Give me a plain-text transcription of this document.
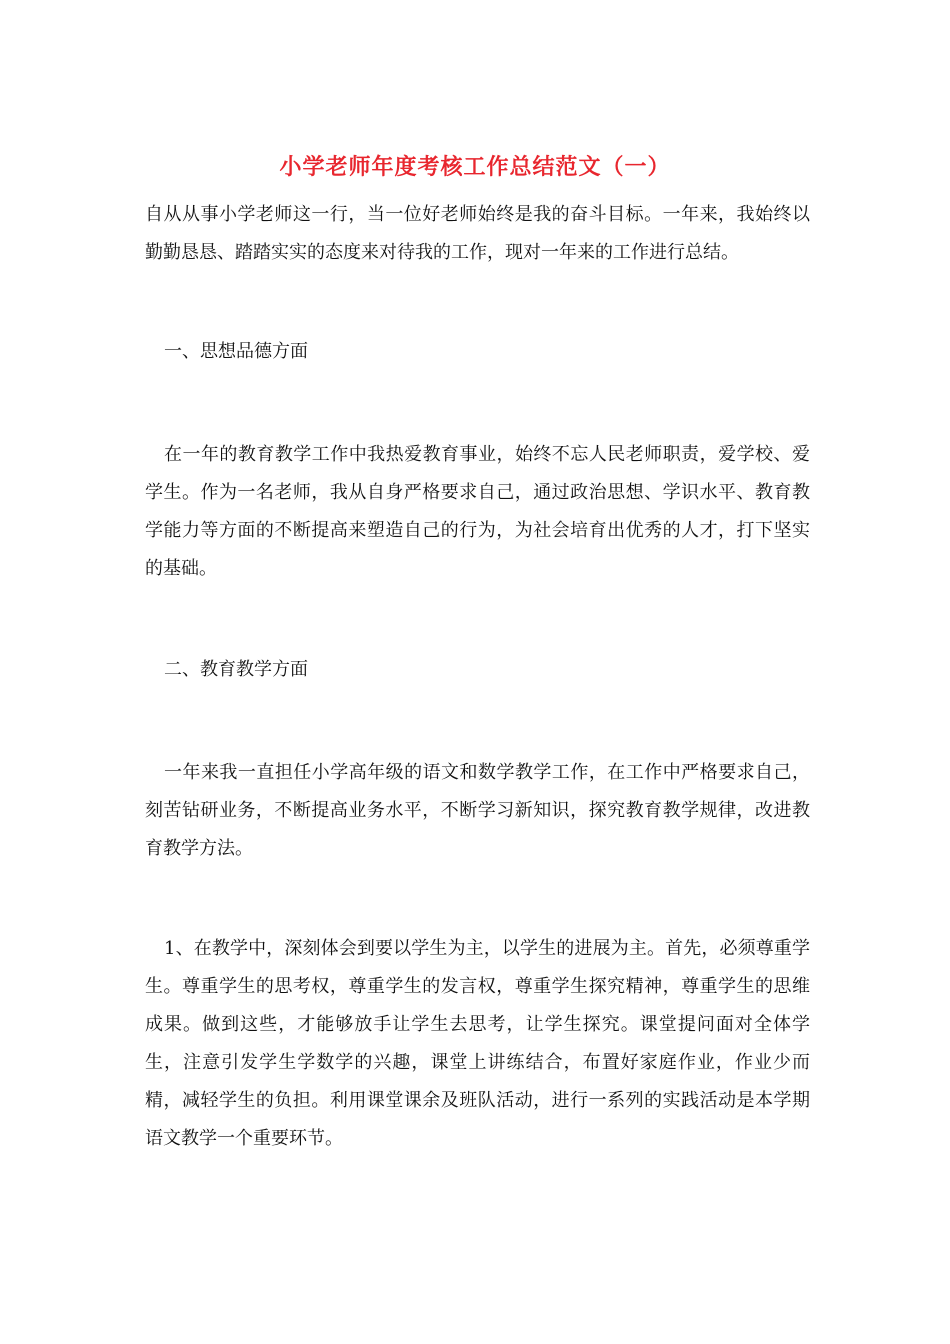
小学老师年度考核工作总结范文（一）

自从从事小学老师这一行，当一位好老师始终是我的奋斗目标。一年来，我始终以勤勤恳恳、踏踏实实的态度来对待我的工作，现对一年来的工作进行总结。

一、思想品德方面

在一年的教育教学工作中我热爱教育事业，始终不忘人民老师职责，爱学校、爱学生。作为一名老师，我从自身严格要求自己，通过政治思想、学识水平、教育教学能力等方面的不断提高来塑造自己的行为，为社会培育出优秀的人才，打下坚实的基础。

二、教育教学方面

一年来我一直担任小学高年级的语文和数学教学工作，在工作中严格要求自己，刻苦钻研业务，不断提高业务水平，不断学习新知识，探究教育教学规律，改进教育教学方法。

1、在教学中，深刻体会到要以学生为主，以学生的进展为主。首先，必须尊重学生。尊重学生的思考权，尊重学生的发言权，尊重学生探究精神，尊重学生的思维成果。做到这些，才能够放手让学生去思考，让学生探究。课堂提问面对全体学生，注意引发学生学数学的兴趣，课堂上讲练结合，布置好家庭作业，作业少而精，减轻学生的负担。利用课堂课余及班队活动，进行一系列的实践活动是本学期语文教学一个重要环节。
